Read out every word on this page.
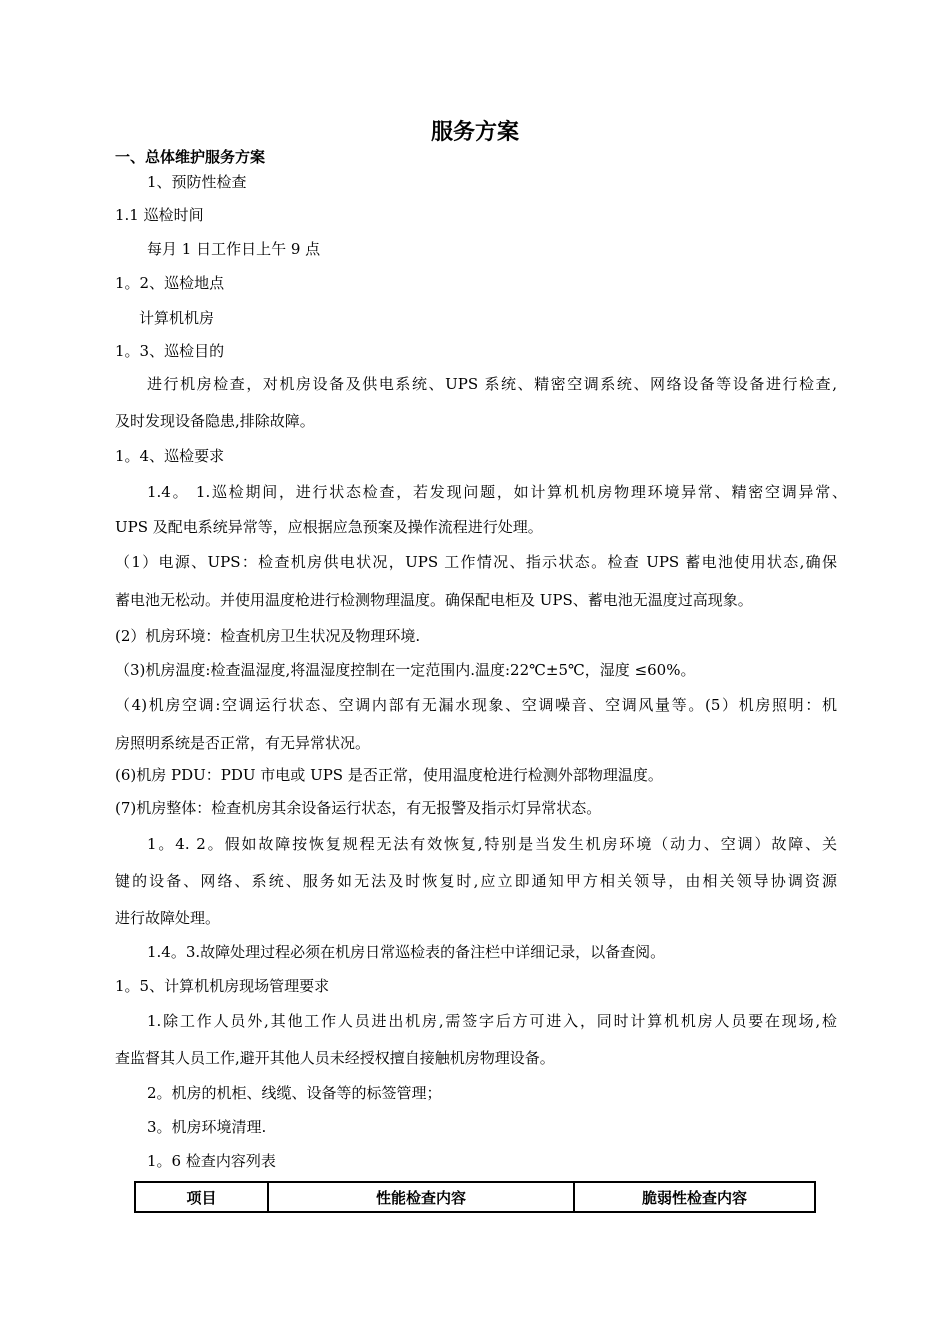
服务方案
一、总体维护服务方案
1、预防性检查
1.1 巡检时间
每月 1 日工作日上午 9 点
1。2、巡检地点
计算机机房
1。3、巡检目的
进行机房检查，对机房设备及供电系统、UPS 系统、精密空调系统、网络设备等设备进行检查,
及时发现设备隐患,排除故障。
1。4、巡检要求
1.4。 1.巡检期间，进行状态检查，若发现问题，如计算机机房物理环境异常、精密空调异常、
UPS 及配电系统异常等，应根据应急预案及操作流程进行处理。
（1）电源、UPS：检查机房供电状况，UPS 工作情况、指示状态。检查 UPS 蓄电池使用状态,确保
蓄电池无松动。并使用温度枪进行检测物理温度。确保配电柜及 UPS、蓄电池无温度过高现象。
(2）机房环境：检查机房卫生状况及物理环境.
（3)机房温度:检查温湿度,将温湿度控制在一定范围内.温度:22℃±5℃，湿度 ≤60%。
（4)机房空调:空调运行状态、空调内部有无漏水现象、空调噪音、空调风量等。(5）机房照明：机
房照明系统是否正常，有无异常状况。
(6)机房 PDU：PDU 市电或 UPS 是否正常，使用温度枪进行检测外部物理温度。
(7)机房整体：检查机房其余设备运行状态，有无报警及指示灯异常状态。
1。4. 2。假如故障按恢复规程无法有效恢复,特别是当发生机房环境（动力、空调）故障、关
键的设备、网络、系统、服务如无法及时恢复时,应立即通知甲方相关领导，由相关领导协调资源
进行故障处理。
1.4。3.故障处理过程必须在机房日常巡检表的备注栏中详细记录，以备查阅。
1。5、计算机机房现场管理要求
1.除工作人员外,其他工作人员进出机房,需签字后方可进入，同时计算机机房人员要在现场,检
查监督其人员工作,避开其他人员未经授权擅自接触机房物理设备。
2。机房的机柜、线缆、设备等的标签管理；
3。机房环境清理.
1。6 检查内容列表
项目	性能检查内容	脆弱性检查内容
